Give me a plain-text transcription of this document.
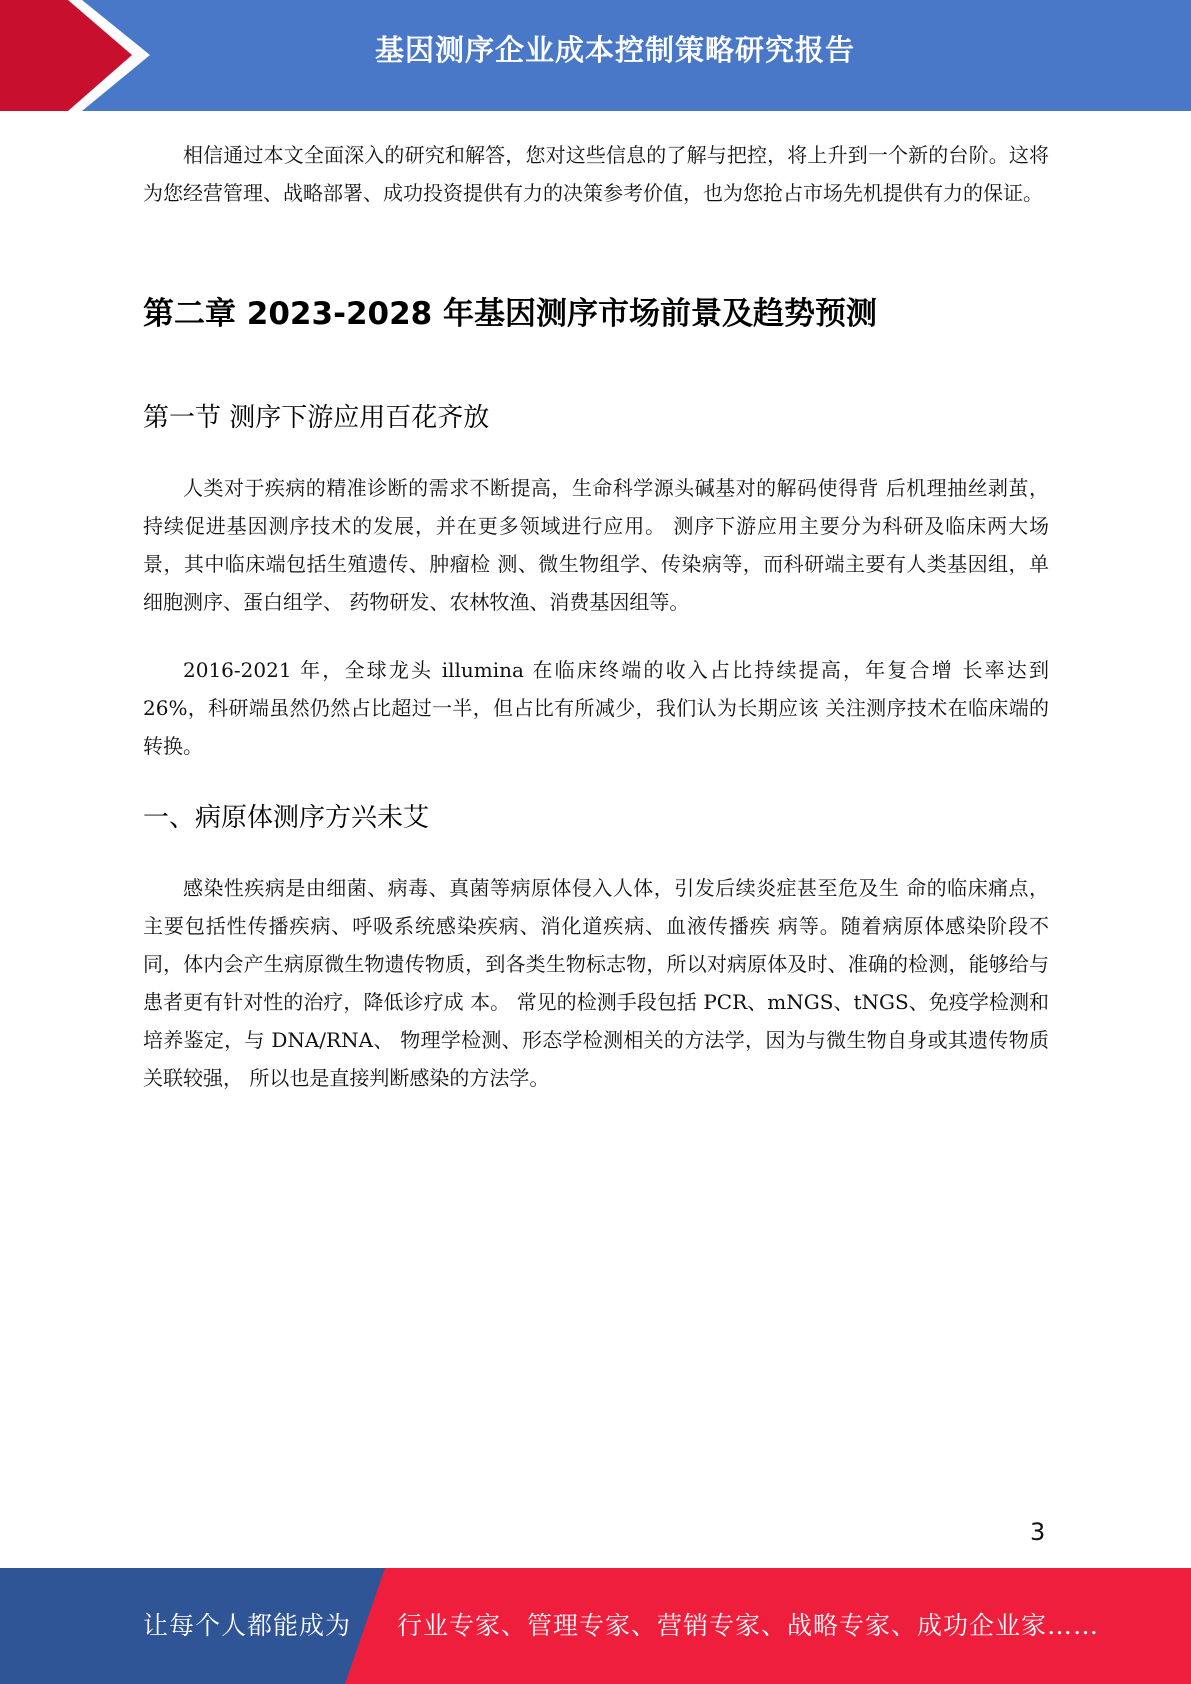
基因测序企业成本控制策略研究报告

相信通过本文全面深入的研究和解答，您对这些信息的了解与把控，将上升到一个新的台阶。这将为您经营管理、战略部署、成功投资提供有力的决策参考价值，也为您抢占市场先机提供有力的保证。

第二章 2023-2028 年基因测序市场前景及趋势预测
第一节 测序下游应用百花齐放

人类对于疾病的精准诊断的需求不断提高，生命科学源头碱基对的解码使得背 后机理抽丝剥茧，持续促进基因测序技术的发展，并在更多领域进行应用。 测序下游应用主要分为科研及临床两大场景，其中临床端包括生殖遗传、肿瘤检 测、微生物组学、传染病等，而科研端主要有人类基因组，单细胞测序、蛋白组学、 药物研发、农林牧渔、消费基因组等。

2016-2021 年，全球龙头 illumina 在临床终端的收入占比持续提高，年复合增 长率达到 26%，科研端虽然仍然占比超过一半，但占比有所减少，我们认为长期应该 关注测序技术在临床端的转换。

一、病原体测序方兴未艾

感染性疾病是由细菌、病毒、真菌等病原体侵入人体，引发后续炎症甚至危及生 命的临床痛点，主要包括性传播疾病、呼吸系统感染疾病、消化道疾病、血液传播疾 病等。随着病原体感染阶段不同，体内会产生病原微生物遗传物质，到各类生物标志物，所以对病原体及时、准确的检测，能够给与患者更有针对性的治疗，降低诊疗成 本。 常见的检测手段包括 PCR、mNGS、tNGS、免疫学检测和培养鉴定，与 DNA/RNA、 物理学检测、形态学检测相关的方法学，因为与微生物自身或其遗传物质关联较强， 所以也是直接判断感染的方法学。

3
让每个人都能成为 行业专家、管理专家、营销专家、战略专家、成功企业家……
